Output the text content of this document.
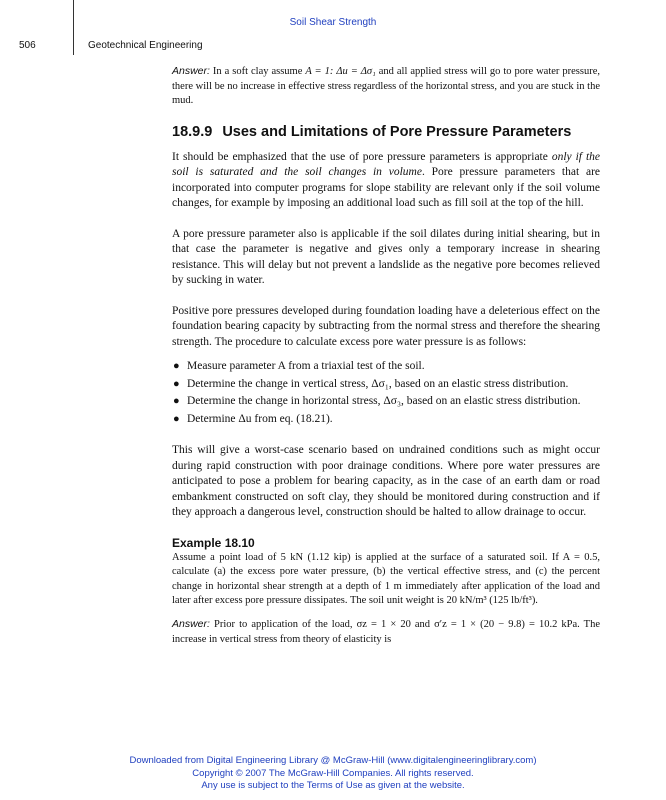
Soil Shear Strength
506	Geotechnical Engineering

Answer: In a soft clay assume A = 1: Δu = Δσ₁ and all applied stress will go to pore water pressure, there will be no increase in effective stress regardless of the horizontal stress, and you are stuck in the mud.

18.9.9 Uses and Limitations of Pore Pressure Parameters

It should be emphasized that the use of pore pressure parameters is appropriate only if the soil is saturated and the soil changes in volume. Pore pressure parameters that are incorporated into computer programs for slope stability are relevant only if the soil volume changes, for example by imposing an additional load such as fill soil at the top of the hill.

A pore pressure parameter also is applicable if the soil dilates during initial shearing, but in that case the parameter is negative and gives only a temporary increase in shearing resistance. This will delay but not prevent a landslide as the negative pore becomes relieved by sucking in water.

Positive pore pressures developed during foundation loading have a deleterious effect on the foundation bearing capacity by subtracting from the normal stress and therefore the shearing strength. The procedure to calculate excess pore water pressure is as follows:

● Measure parameter A from a triaxial test of the soil.
● Determine the change in vertical stress, Δσ₁, based on an elastic stress distribution.
● Determine the change in horizontal stress, Δσ₃, based on an elastic stress distribution.
● Determine Δu from eq. (18.21).

This will give a worst-case scenario based on undrained conditions such as might occur during rapid construction with poor drainage conditions. Where pore water pressures are anticipated to pose a problem for bearing capacity, as in the case of an earth dam or road embankment constructed on soft clay, they should be monitored during construction and if they approach a dangerous level, construction should be halted to allow drainage to occur.

Example 18.10

Assume a point load of 5 kN (1.12 kip) is applied at the surface of a saturated soil. If A = 0.5, calculate (a) the excess pore water pressure, (b) the vertical effective stress, and (c) the percent change in horizontal shear strength at a depth of 1 m immediately after application of the load and later after excess pore pressure dissipates. The soil unit weight is 20 kN/m³ (125 lb/ft³).

Answer: Prior to application of the load, σz = 1 × 20 and σ′z = 1 × (20 − 9.8) = 10.2 kPa. The increase in vertical stress from theory of elasticity is

Downloaded from Digital Engineering Library @ McGraw-Hill (www.digitalengineeringlibrary.com)
Copyright © 2007 The McGraw-Hill Companies. All rights reserved.
Any use is subject to the Terms of Use as given at the website.
